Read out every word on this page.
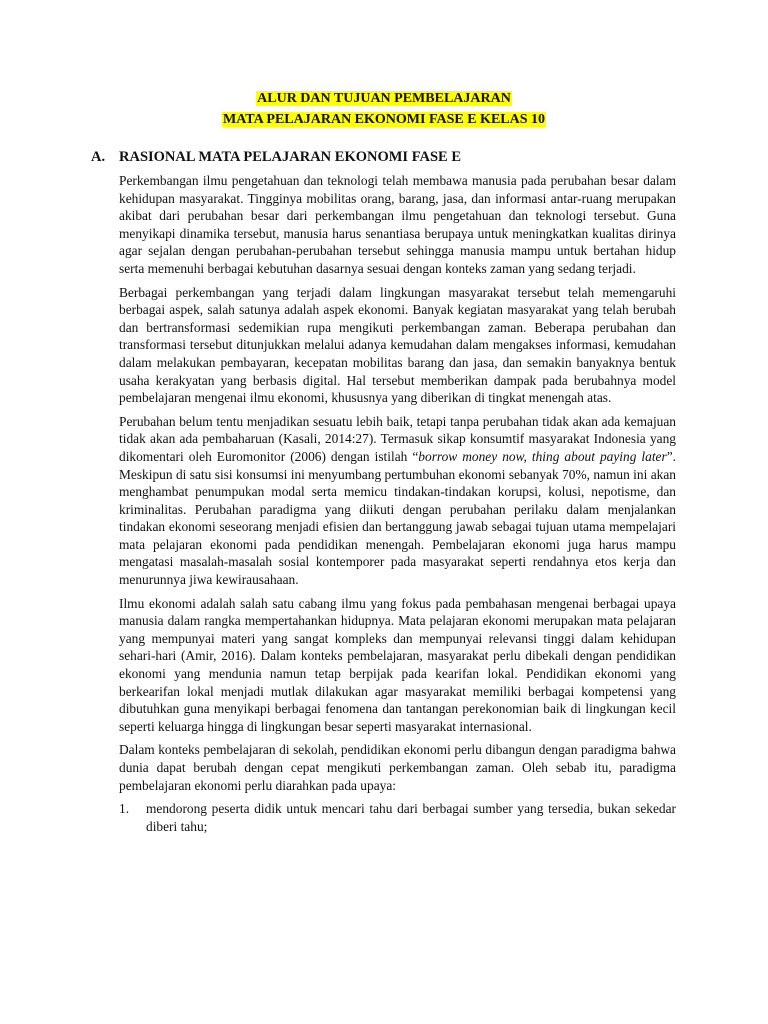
ALUR DAN TUJUAN PEMBELAJARAN
MATA PELAJARAN EKONOMI FASE E KELAS 10
A. RASIONAL MATA PELAJARAN EKONOMI FASE E

Perkembangan ilmu pengetahuan dan teknologi telah membawa manusia pada perubahan besar dalam kehidupan masyarakat. Tingginya mobilitas orang, barang, jasa, dan informasi antar-ruang merupakan akibat dari perubahan besar dari perkembangan ilmu pengetahuan dan teknologi tersebut. Guna menyikapi dinamika tersebut, manusia harus senantiasa berupaya untuk meningkatkan kualitas dirinya agar sejalan dengan perubahan-perubahan tersebut sehingga manusia mampu untuk bertahan hidup serta memenuhi berbagai kebutuhan dasarnya sesuai dengan konteks zaman yang sedang terjadi.

Berbagai perkembangan yang terjadi dalam lingkungan masyarakat tersebut telah memengaruhi berbagai aspek, salah satunya adalah aspek ekonomi. Banyak kegiatan masyarakat yang telah berubah dan bertransformasi sedemikian rupa mengikuti perkembangan zaman. Beberapa perubahan dan transformasi tersebut ditunjukkan melalui adanya kemudahan dalam mengakses informasi, kemudahan dalam melakukan pembayaran, kecepatan mobilitas barang dan jasa, dan semakin banyaknya bentuk usaha kerakyatan yang berbasis digital. Hal tersebut memberikan dampak pada berubahnya model pembelajaran mengenai ilmu ekonomi, khususnya yang diberikan di tingkat menengah atas.

Perubahan belum tentu menjadikan sesuatu lebih baik, tetapi tanpa perubahan tidak akan ada kemajuan tidak akan ada pembaharuan (Kasali, 2014:27). Termasuk sikap konsumtif masyarakat Indonesia yang dikomentari oleh Euromonitor (2006) dengan istilah “borrow money now, thing about paying later”. Meskipun di satu sisi konsumsi ini menyumbang pertumbuhan ekonomi sebanyak 70%, namun ini akan menghambat penumpukan modal serta memicu tindakan-tindakan korupsi, kolusi, nepotisme, dan kriminalitas. Perubahan paradigma yang diikuti dengan perubahan perilaku dalam menjalankan tindakan ekonomi seseorang menjadi efisien dan bertanggung jawab sebagai tujuan utama mempelajari mata pelajaran ekonomi pada pendidikan menengah. Pembelajaran ekonomi juga harus mampu mengatasi masalah-masalah sosial kontemporer pada masyarakat seperti rendahnya etos kerja dan menurunnya jiwa kewirausahaan.

Ilmu ekonomi adalah salah satu cabang ilmu yang fokus pada pembahasan mengenai berbagai upaya manusia dalam rangka mempertahankan hidupnya. Mata pelajaran ekonomi merupakan mata pelajaran yang mempunyai materi yang sangat kompleks dan mempunyai relevansi tinggi dalam kehidupan sehari-hari (Amir, 2016). Dalam konteks pembelajaran, masyarakat perlu dibekali dengan pendidikan ekonomi yang mendunia namun tetap berpijak pada kearifan lokal. Pendidikan ekonomi yang berkearifan lokal menjadi mutlak dilakukan agar masyarakat memiliki berbagai kompetensi yang dibutuhkan guna menyikapi berbagai fenomena dan tantangan perekonomian baik di lingkungan kecil seperti keluarga hingga di lingkungan besar seperti masyarakat internasional.

Dalam konteks pembelajaran di sekolah, pendidikan ekonomi perlu dibangun dengan paradigma bahwa dunia dapat berubah dengan cepat mengikuti perkembangan zaman. Oleh sebab itu, paradigma pembelajaran ekonomi perlu diarahkan pada upaya:

1. mendorong peserta didik untuk mencari tahu dari berbagai sumber yang tersedia, bukan sekedar diberi tahu;
